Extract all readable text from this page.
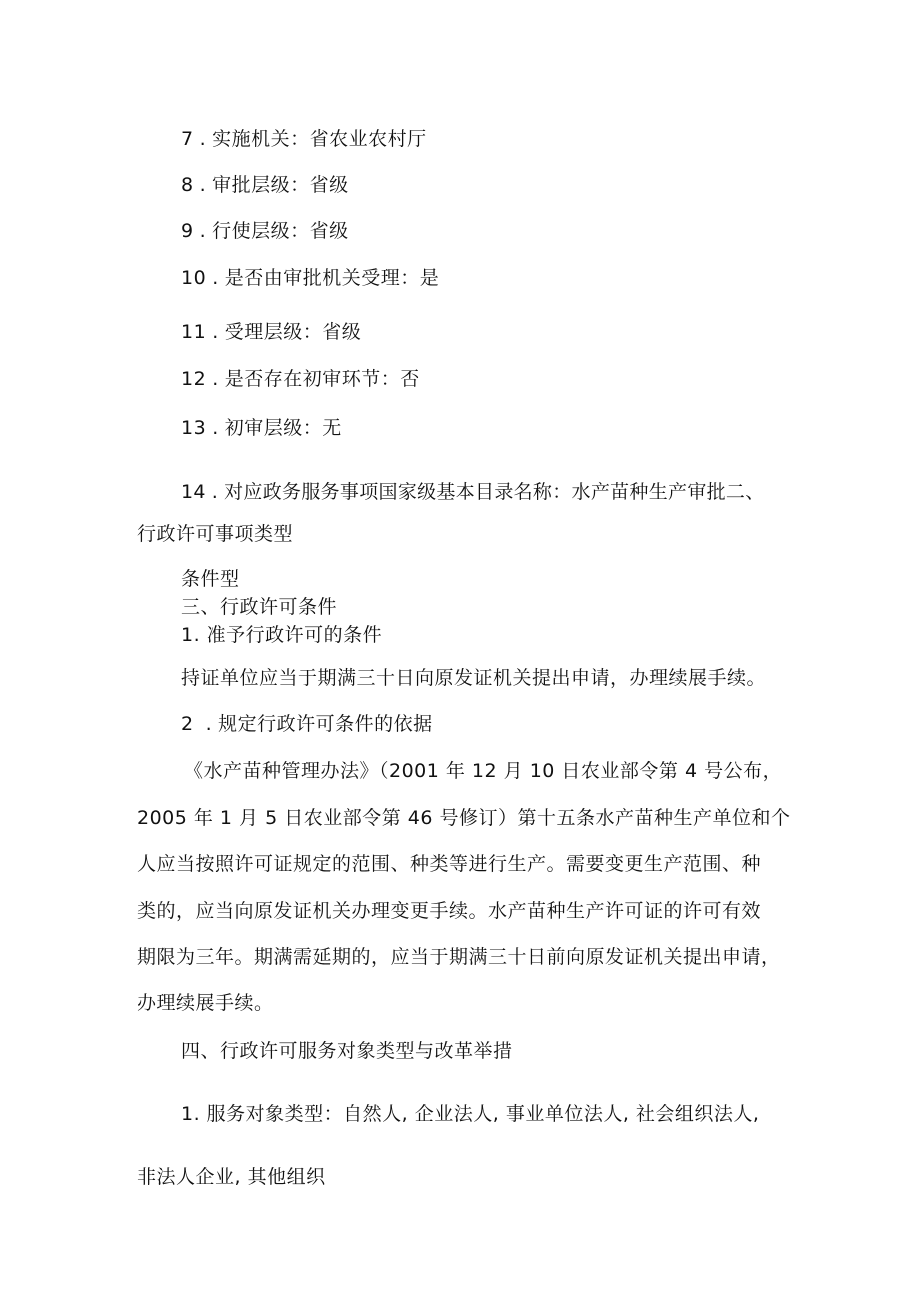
7 . 实施机关：省农业农村厅
8 . 审批层级：省级
9 . 行使层级：省级
10 . 是否由审批机关受理：是
11 . 受理层级：省级
12 . 是否存在初审环节：否
13 . 初审层级：无
14 . 对应政务服务事项国家级基本目录名称：水产苗种生产审批二、
行政许可事项类型
条件型
三、行政许可条件
1. 准予行政许可的条件
持证单位应当于期满三十日向原发证机关提出申请，办理续展手续。
2 . 规定行政许可条件的依据
《水产苗种管理办法》（2001 年 12 月 10 日农业部令第 4 号公布，
2005 年 1 月 5 日农业部令第 46 号修订）第十五条水产苗种生产单位和个
人应当按照许可证规定的范围、种类等进行生产。需要变更生产范围、种
类的，应当向原发证机关办理变更手续。水产苗种生产许可证的许可有效
期限为三年。期满需延期的，应当于期满三十日前向原发证机关提出申请，
办理续展手续。
四、行政许可服务对象类型与改革举措
1. 服务对象类型：自然人, 企业法人, 事业单位法人, 社会组织法人,
非法人企业, 其他组织
